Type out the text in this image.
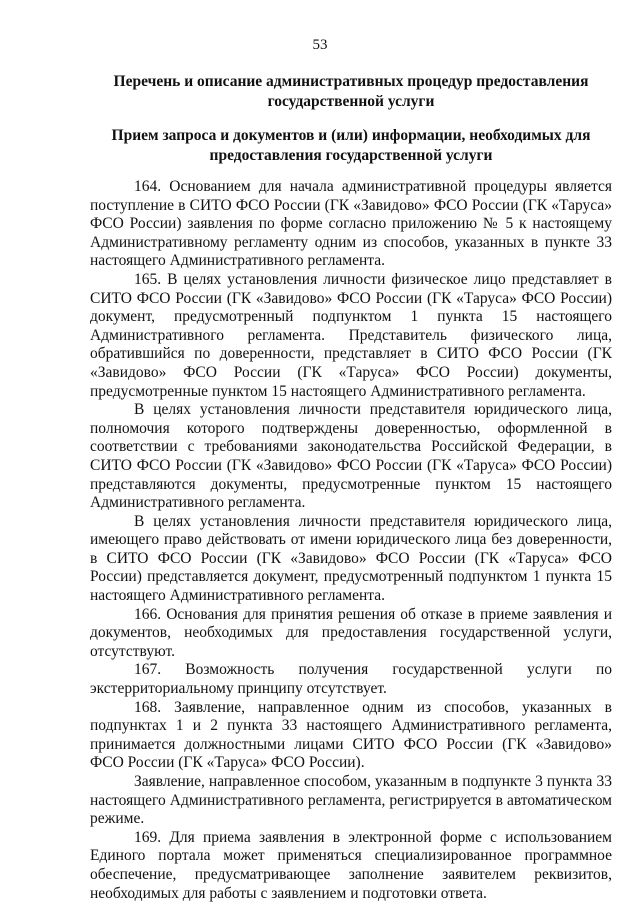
53
Перечень и описание административных процедур предоставления государственной услуги
Прием запроса и документов и (или) информации, необходимых для предоставления государственной услуги

164. Основанием для начала административной процедуры является поступление в СИТО ФСО России (ГК «Завидово» ФСО России (ГК «Таруса» ФСО России) заявления по форме согласно приложению № 5 к настоящему Административному регламенту одним из способов, указанных в пункте 33 настоящего Административного регламента.

165. В целях установления личности физическое лицо представляет в СИТО ФСО России (ГК «Завидово» ФСО России (ГК «Таруса» ФСО России) документ, предусмотренный подпунктом 1 пункта 15 настоящего Административного регламента. Представитель физического лица, обратившийся по доверенности, представляет в СИТО ФСО России (ГК «Завидово» ФСО России (ГК «Таруса» ФСО России) документы, предусмотренные пунктом 15 настоящего Административного регламента.

В целях установления личности представителя юридического лица, полномочия которого подтверждены доверенностью, оформленной в соответствии с требованиями законодательства Российской Федерации, в СИТО ФСО России (ГК «Завидово» ФСО России (ГК «Таруса» ФСО России) представляются документы, предусмотренные пунктом 15 настоящего Административного регламента.

В целях установления личности представителя юридического лица, имеющего право действовать от имени юридического лица без доверенности, в СИТО ФСО России (ГК «Завидово» ФСО России (ГК «Таруса» ФСО России) представляется документ, предусмотренный подпунктом 1 пункта 15 настоящего Административного регламента.

166. Основания для принятия решения об отказе в приеме заявления и документов, необходимых для предоставления государственной услуги, отсутствуют.

167. Возможность получения государственной услуги по экстерриториальному принципу отсутствует.

168. Заявление, направленное одним из способов, указанных в подпунктах 1 и 2 пункта 33 настоящего Административного регламента, принимается должностными лицами СИТО ФСО России (ГК «Завидово» ФСО России (ГК «Таруса» ФСО России).

Заявление, направленное способом, указанным в подпункте 3 пункта 33 настоящего Административного регламента, регистрируется в автоматическом режиме.

169. Для приема заявления в электронной форме с использованием Единого портала может применяться специализированное программное обеспечение, предусматривающее заполнение заявителем реквизитов, необходимых для работы с заявлением и подготовки ответа.
